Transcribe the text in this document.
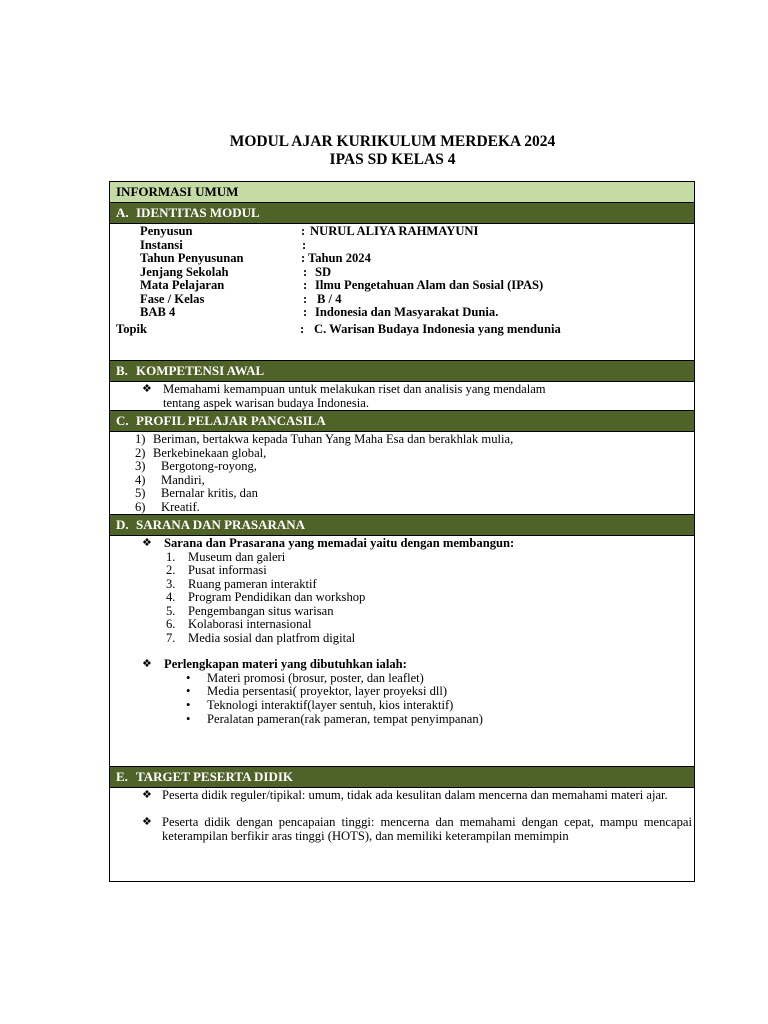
MODUL AJAR KURIKULUM MERDEKA 2024
IPAS SD KELAS 4
INFORMASI UMUM
A. IDENTITAS MODUL
Penyusun	: NURUL ALIYA RAHMAYUNI
Instansi	:
Tahun Penyusunan	: Tahun 2024
Jenjang Sekolah	: SD
Mata Pelajaran	: Ilmu Pengetahuan Alam dan Sosial (IPAS)
Fase / Kelas	: B / 4
BAB 4	: Indonesia dan Masyarakat Dunia.
Topik	: C. Warisan Budaya Indonesia yang mendunia
B. KOMPETENSI AWAL
❖ Memahami kemampuan untuk melakukan riset dan analisis yang mendalam
tentang aspek warisan budaya Indonesia.
C. PROFIL PELAJAR PANCASILA
1) Beriman, bertakwa kepada Tuhan Yang Maha Esa dan berakhlak mulia,
2) Berkebinekaan global,
3) Bergotong-royong,
4) Mandiri,
5) Bernalar kritis, dan
6) Kreatif.
D. SARANA DAN PRASARANA
❖ Sarana dan Prasarana yang memadai yaitu dengan membangun:
1. Museum dan galeri
2. Pusat informasi
3. Ruang pameran interaktif
4. Program Pendidikan dan workshop
5. Pengembangan situs warisan
6. Kolaborasi internasional
7. Media sosial dan platfrom digital
❖ Perlengkapan materi yang dibutuhkan ialah:
• Materi promosi (brosur, poster, dan leaflet)
• Media persentasi( proyektor, layer proyeksi dll)
• Teknologi interaktif(layer sentuh, kios interaktif)
• Peralatan pameran(rak pameran, tempat penyimpanan)
E. TARGET PESERTA DIDIK
❖ Peserta didik reguler/tipikal: umum, tidak ada kesulitan dalam mencerna dan memahami materi ajar.
❖ Peserta didik dengan pencapaian tinggi: mencerna dan memahami dengan cepat, mampu mencapai keterampilan berfikir aras tinggi (HOTS), dan memiliki keterampilan memimpin
